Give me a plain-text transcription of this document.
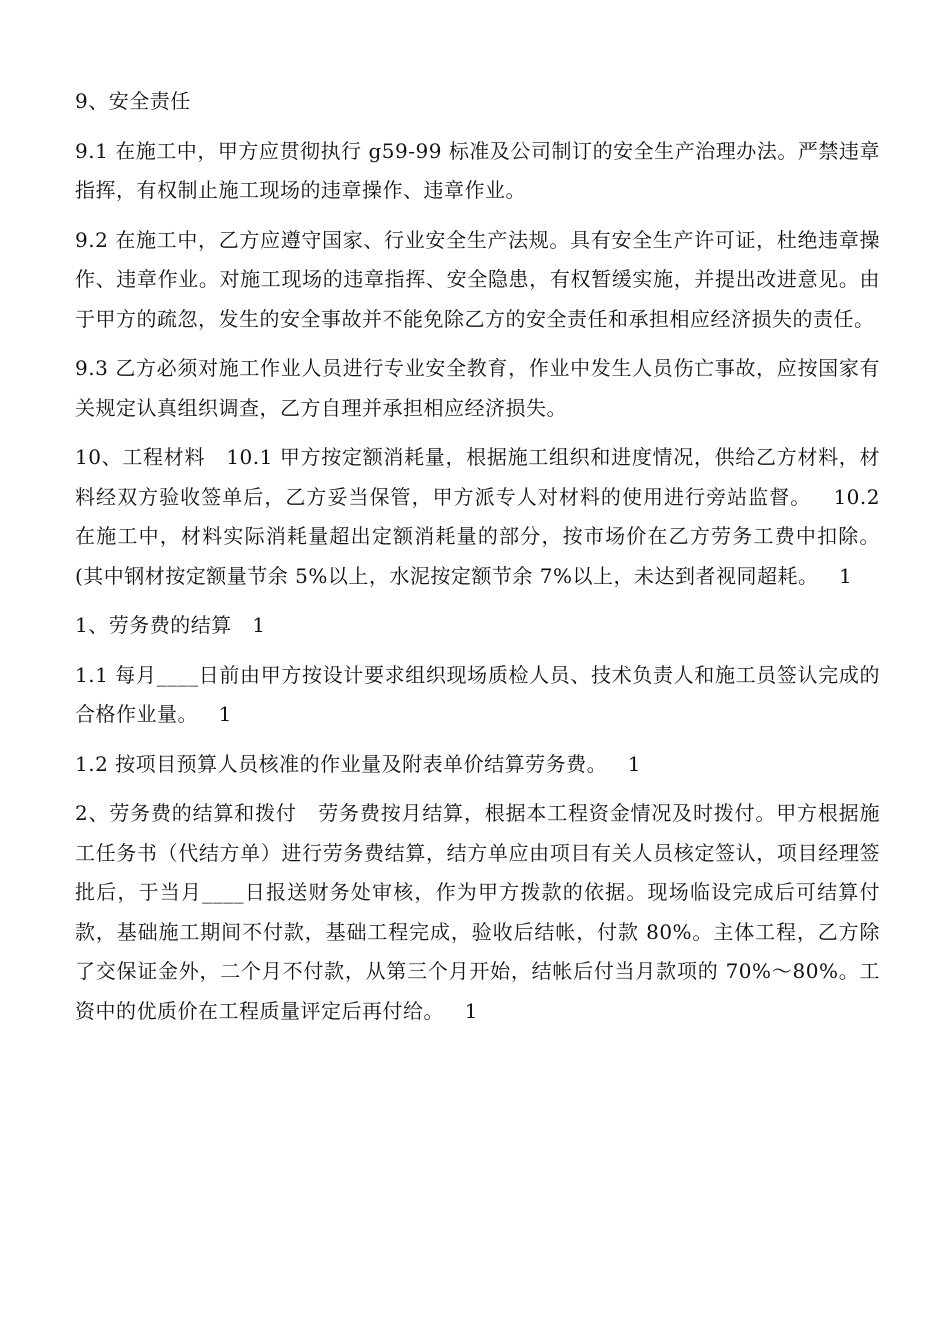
9、安全责任

9.1 在施工中，甲方应贯彻执行 g59-99 标准及公司制订的安全生产治理办法。严禁违章指挥，有权制止施工现场的违章操作、违章作业。

9.2 在施工中，乙方应遵守国家、行业安全生产法规。具有安全生产许可证，杜绝违章操作、违章作业。对施工现场的违章指挥、安全隐患，有权暂缓实施，并提出改进意见。由于甲方的疏忽，发生的安全事故并不能免除乙方的安全责任和承担相应经济损失的责任。

9.3 乙方必须对施工作业人员进行专业安全教育，作业中发生人员伤亡事故，应按国家有关规定认真组织调查，乙方自理并承担相应经济损失。

10、工程材料   10.1 甲方按定额消耗量，根据施工组织和进度情况，供给乙方材料，材料经双方验收签单后，乙方妥当保管，甲方派专人对材料的使用进行旁站监督。   10.2 在施工中，材料实际消耗量超出定额消耗量的部分，按市场价在乙方劳务工费中扣除。(其中钢材按定额量节余 5%以上，水泥按定额节余 7%以上，未达到者视同超耗。   1

1、劳务费的结算   1

1.1 每月____日前由甲方按设计要求组织现场质检人员、技术负责人和施工员签认完成的合格作业量。   1

1.2 按项目预算人员核准的作业量及附表单价结算劳务费。   1

2、劳务费的结算和拨付   劳务费按月结算，根据本工程资金情况及时拨付。甲方根据施工任务书（代结方单）进行劳务费结算，结方单应由项目有关人员核定签认，项目经理签批后，于当月____日报送财务处审核，作为甲方拨款的依据。现场临设完成后可结算付款，基础施工期间不付款，基础工程完成，验收后结帐，付款 80%。主体工程，乙方除了交保证金外，二个月不付款，从第三个月开始，结帐后付当月款项的 70%～80%。工资中的优质价在工程质量评定后再付给。   1
